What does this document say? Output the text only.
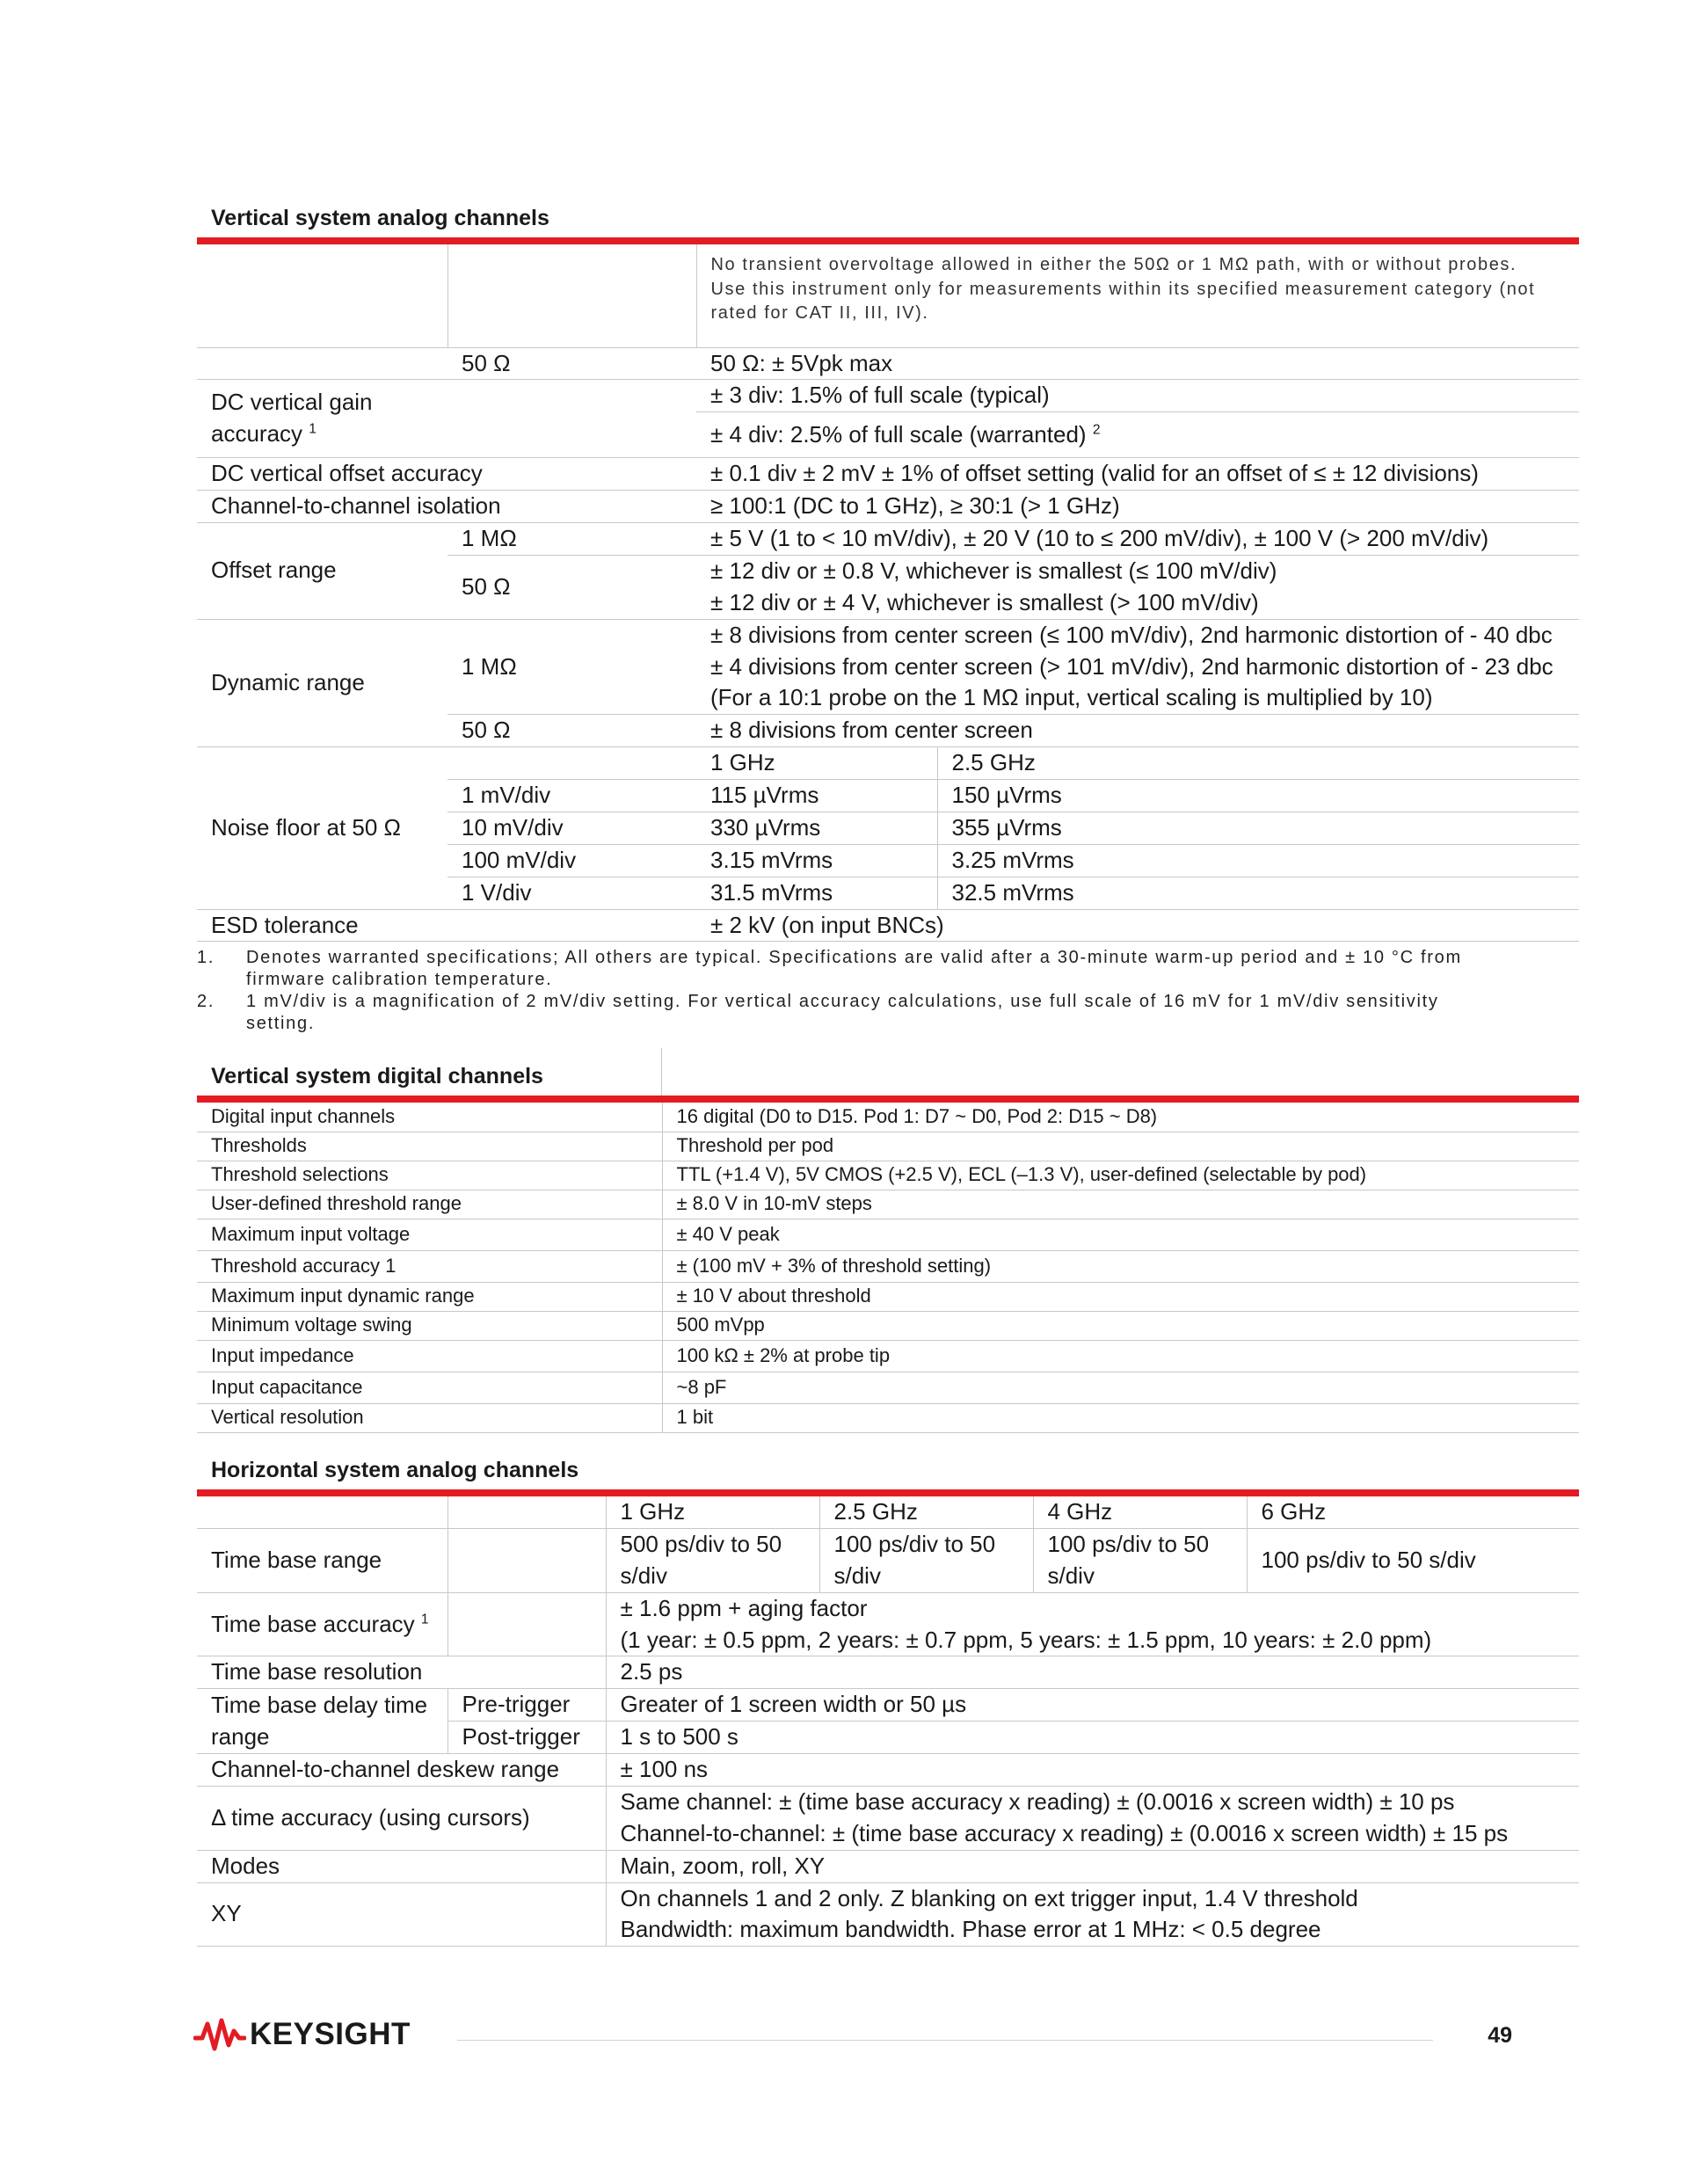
Vertical system analog channels
		No transient overvoltage allowed in either the 50Ω or 1 MΩ path, with or without probes. Use this instrument only for measurements within its specified measurement category (not rated for CAT II, III, IV).	
	50 Ω	50 Ω: ± 5Vpk max	
DC vertical gain accuracy $^1$		± 3 div: 1.5% of full scale (typical)	
		± 4 div: 2.5% of full scale (warranted) $^2$
DC vertical offset accuracy		± 0.1 div ± 2 mV ± 1% of offset setting (valid for an offset of ≤ ± 12 divisions)	
Channel-to-channel isolation		≥ 100:1 (DC to 1 GHz), ≥ 30:1 (> 1 GHz)	
Offset range	1 MΩ	± 5 V (1 to < 10 mV/div), ± 20 V (10 to ≤ 200 mV/div), ± 100 V (> 200 mV/div)	
	50 Ω	± 12 div or ± 0.8 V, whichever is smallest (≤ 100 mV/div)
± 12 div or ± 4 V, whichever is smallest (> 100 mV/div)	

Dynamic range	1 MΩ	± 8 divisions from center screen (≤ 100 mV/div), 2nd harmonic distortion of - 40 dbc
± 4 divisions from center screen (> 101 mV/div), 2nd harmonic distortion of - 23 dbc
(For a 10:1 probe on the 1 MΩ input, vertical scaling is multiplied by 10)	

	50 Ω	± 8 divisions from center screen	
Noise floor at 50 Ω		1 GHz	2.5 GHz
	1 mV/div	115 µVrms	150 µVrms
	10 mV/div	330 µVrms	355 µVrms
	100 mV/div	3.15 mVrms	3.25 mVrms
	1 V/div	31.5 mVrms	32.5 mVrms
ESD tolerance		± 2 kV (on input BNCs)	
1.	Denotes warranted specifications; All others are typical. Specifications are valid after a 30-minute warm-up period and ± 10 °C from firmware calibration temperature.
2.	1 mV/div is a magnification of 2 mV/div setting. For vertical accuracy calculations, use full scale of 16 mV for 1 mV/div sensitivity setting.
Vertical system digital channels
Digital input channels	16 digital (D0 to D15. Pod 1: D7 ~ D0, Pod 2: D15 ~ D8)
Thresholds	Threshold per pod
Threshold selections	TTL (+1.4 V), 5V CMOS (+2.5 V), ECL (–1.3 V), user-defined (selectable by pod)
User-defined threshold range	± 8.0 V in 10-mV steps
Maximum input voltage	± 40 V peak
Threshold accuracy 1	± (100 mV + 3% of threshold setting)
Maximum input dynamic range	± 10 V about threshold
Minimum voltage swing	500 mVpp
Input impedance	100 kΩ ± 2% at probe tip
Input capacitance	~8 pF
Vertical resolution	1 bit
Horizontal system analog channels
		1 GHz	2.5 GHz	4 GHz	6 GHz
Time base range		500 ps/div to 50 s/div	100 ps/div to 50 s/div	100 ps/div to 50 s/div	100 ps/div to 50 s/div
Time base accuracy $^1$		± 1.6 ppm + aging factor
(1 year: ± 0.5 ppm, 2 years: ± 0.7 ppm, 5 years: ± 1.5 ppm, 10 years: ± 2.0 ppm)			

Time base resolution		2.5 ps			
Time base delay time	Pre-trigger	Greater of 1 screen width or 50 µs			
range	Post-trigger	1 s to 500 s			
Channel-to-channel deskew range		± 100 ns			
Δ time accuracy (using cursors)		Same channel: ± (time base accuracy x reading) ± (0.0016 x screen width) ± 10 ps
Channel-to-channel: ± (time base accuracy x reading) ± (0.0016 x screen width) ± 15 ps			

Modes		Main, zoom, roll, XY			
XY		On channels 1 and 2 only. Z blanking on ext trigger input, 1.4 V threshold
Bandwidth: maximum bandwidth. Phase error at 1 MHz: < 0.5 degree			
KEYSIGHT	49
